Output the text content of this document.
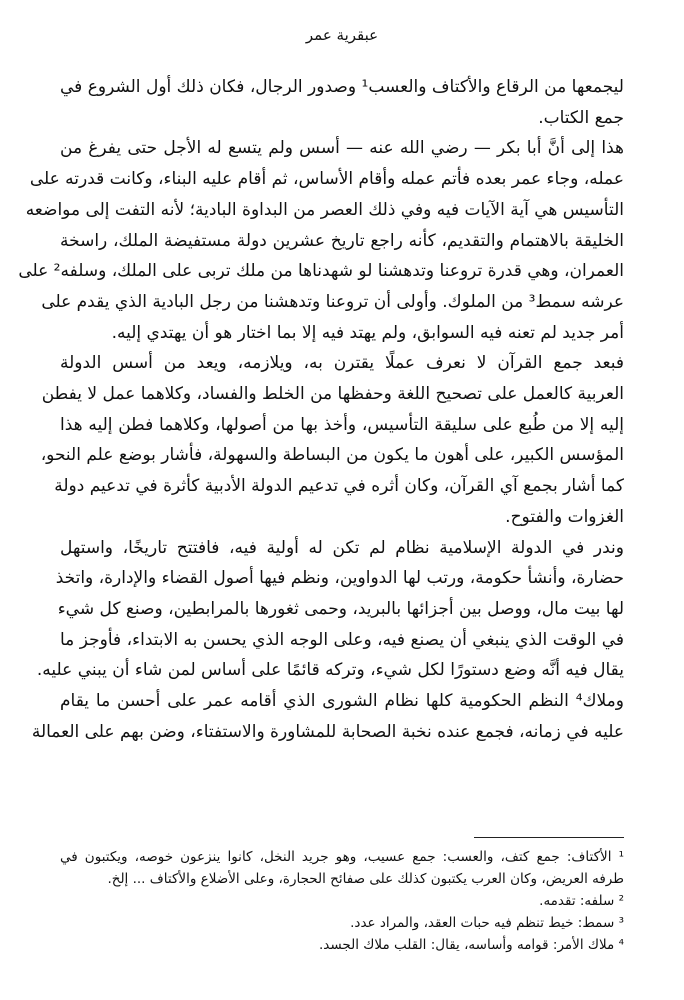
عبقرية عمر
ليجمعها من الرقاع والأكتاف والعسب¹ وصدور الرجال، فكان ذلك أول الشروع في
جمع الكتاب.
هذا إلى أنَّ أبا بكر — رضي الله عنه — أسس ولم يتسع له الأجل حتى يفرغ من
عمله، وجاء عمر بعده فأتم عمله وأقام الأساس، ثم أقام عليه البناء، وكانت قدرته على
التأسيس هي آية الآيات فيه وفي ذلك العصر من البداوة البادية؛ لأنه التفت إلى مواضعه
الخليقة بالاهتمام والتقديم، كأنه راجع تاريخ عشرين دولة مستفيضة الملك، راسخة
العمران، وهي قدرة تروعنا وتدهشنا لو شهدناها من ملك تربى على الملك، وسلفه² على
عرشه سمط³ من الملوك. وأولى أن تروعنا وتدهشنا من رجل البادية الذي يقدم على
أمر جديد لم تعنه فيه السوابق، ولم يهتد فيه إلا بما اختار هو أن يهتدي إليه.
فبعد جمع القرآن لا نعرف عملًا يقترن به، ويلازمه، ويعد من أسس الدولة
العربية كالعمل على تصحيح اللغة وحفظها من الخلط والفساد، وكلاهما عمل لا يفطن
إليه إلا من طُبع على سليقة التأسيس، وأخذ بها من أصولها، وكلاهما فطن إليه هذا
المؤسس الكبير، على أهون ما يكون من البساطة والسهولة، فأشار بوضع علم النحو،
كما أشار بجمع آي القرآن، وكان أثره في تدعيم الدولة الأدبية كأثرة في تدعيم دولة
الغزوات والفتوح.
وندر في الدولة الإسلامية نظام لم تكن له أولية فيه، فافتتح تاريخًا، واستهل
حضارة، وأنشأ حكومة، ورتب لها الدواوين، ونظم فيها أصول القضاء والإدارة، واتخذ
لها بيت مال، ووصل بين أجزائها بالبريد، وحمى ثغورها بالمرابطين، وصنع كل شيء
في الوقت الذي ينبغي أن يصنع فيه، وعلى الوجه الذي يحسن به الابتداء، فأوجز ما
يقال فيه أنَّه وضع دستورًا لكل شيء، وتركه قائمًا على أساس لمن شاء أن يبني عليه.
وملاك⁴ النظم الحكومية كلها نظام الشورى الذي أقامه عمر على أحسن ما يقام
عليه في زمانه، فجمع عنده نخبة الصحابة للمشاورة والاستفتاء، وضن بهم على العمالة
¹ الأكتاف: جمع كتف، والعسب: جمع عسيب، وهو جريد النخل، كانوا ينزعون خوصه، ويكتبون في
طرفه العريض، وكان العرب يكتبون كذلك على صفائح الحجارة، وعلى الأضلاع والأكتاف ... إلخ.
² سلفه: تقدمه.
³ سمط: خيط تنظم فيه حبات العقد، والمراد عدد.
⁴ ملاك الأمر: قوامه وأساسه، يقال: القلب ملاك الجسد.
